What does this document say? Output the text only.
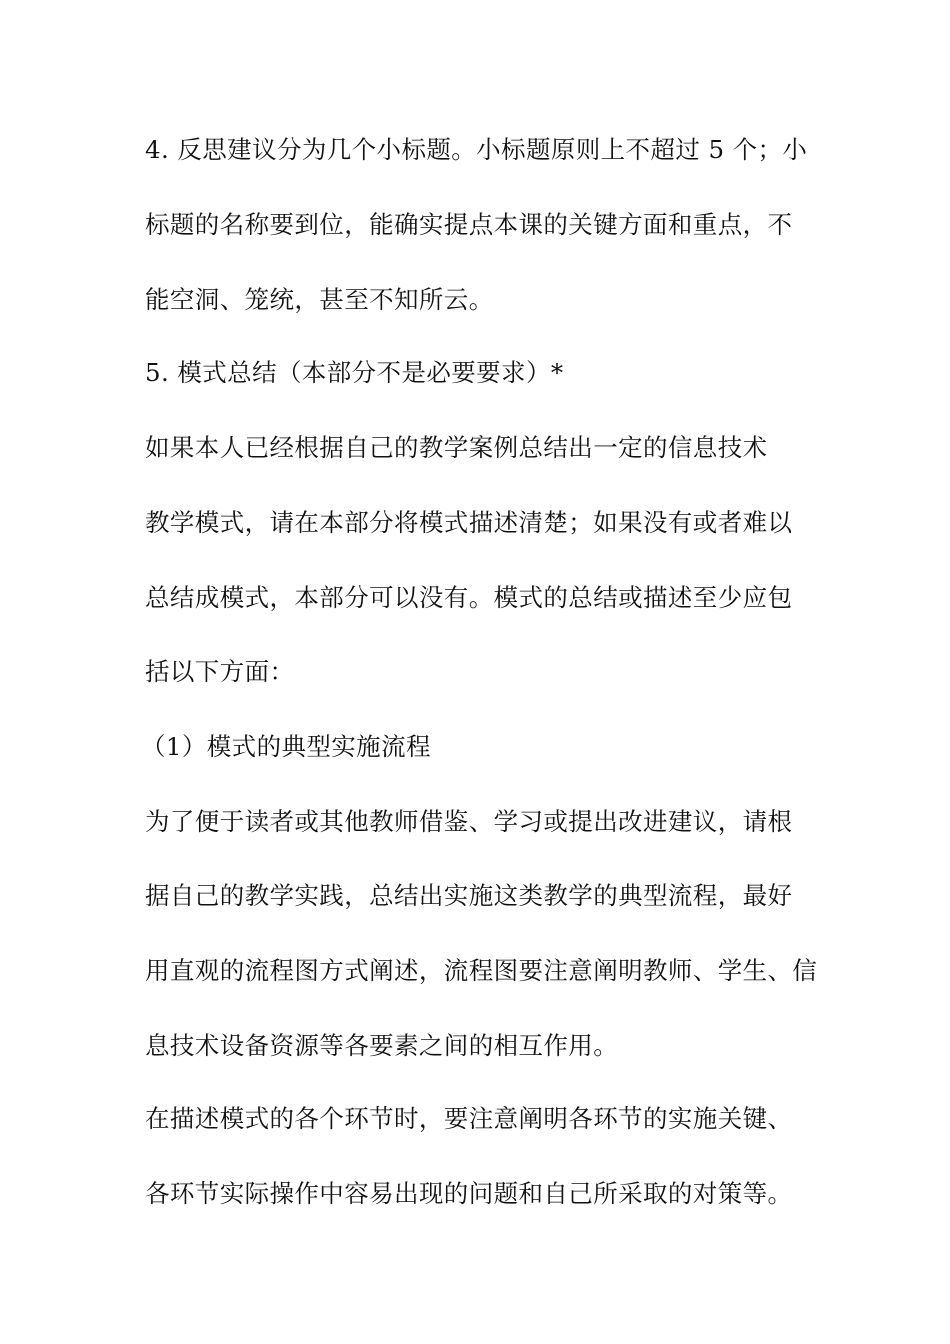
4. 反思建议分为几个小标题。小标题原则上不超过 5 个；小
标题的名称要到位，能确实提点本课的关键方面和重点，不
能空洞、笼统，甚至不知所云。
5. 模式总结（本部分不是必要要求）*
如果本人已经根据自己的教学案例总结出一定的信息技术
教学模式，请在本部分将模式描述清楚；如果没有或者难以
总结成模式，本部分可以没有。模式的总结或描述至少应包
括以下方面：
（1）模式的典型实施流程
为了便于读者或其他教师借鉴、学习或提出改进建议，请根
据自己的教学实践，总结出实施这类教学的典型流程，最好
用直观的流程图方式阐述，流程图要注意阐明教师、学生、信
息技术设备资源等各要素之间的相互作用。
在描述模式的各个环节时，要注意阐明各环节的实施关键、
各环节实际操作中容易出现的问题和自己所采取的对策等。
